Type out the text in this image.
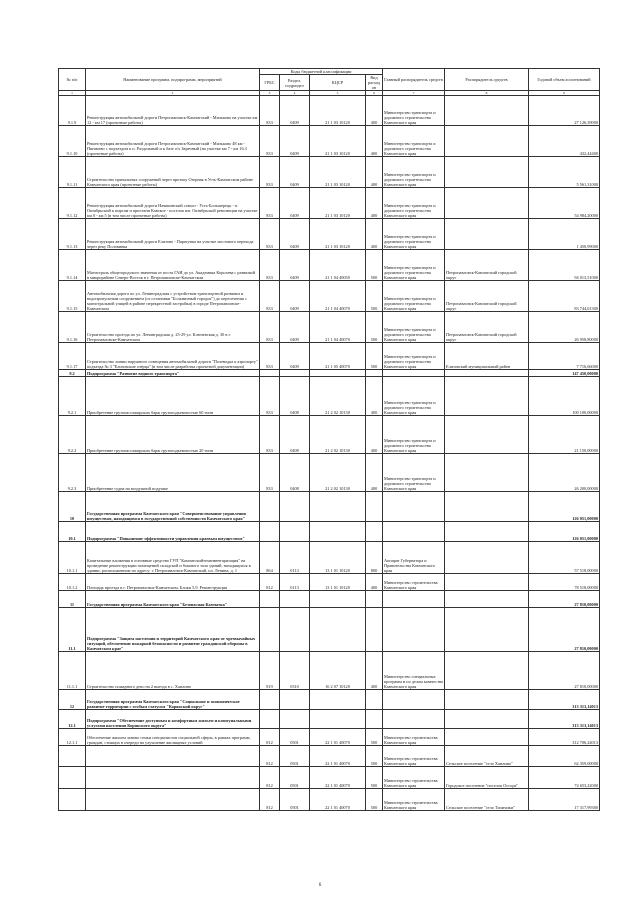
№ п/п	Наименование программ, подпрограмм, мероприятий	Коды бюджетной классификации				Главный распорядитель средств	Распорядитель средств	Годовой объем ассигнований
		ГРБС	Раздел, подраздел	КЦСР	Вид расходов			
1	2	3	4	5	6	7	8	9
9.1.9	Реконструкция автомобильной дороги Петропавловск-Камчатский - Мильково на участке км 12 - км 17 (проектные работы)	833	0409	21 1 03 10120	400	Министерство транспорта и дорожного строительства Камчатского края		27 126,39000
9.1.10	Реконструкция автомобильной дороги Петропавловск-Камчатский - Мильково 48 км - Пиначево с подъездом к п. Раздольный и к базе о/х Заречный (на участке км 7 - км 16.3 (проектные работы)	833	0409	21 1 03 10120	400	Министерство транспорта и дорожного строительства Камчатского края		432,44400
9.1.11	Строительство причальных сооружений через протоку Озерная в Усть-Камчатском районе Камчатского края (проектные работы)	833	0409	21 1 03 10120	400	Министерство транспорта и дорожного строительства Камчатского края		5 561,31000
9.1.12	Реконструкция автомобильной дороги Начикинский совхоз - Усть-Большерецк - п. Октябрьский к пирсам и пристани Кавское - поселок им. Октябрьской революции на участке км 0 - км 5 (в том числе проектные работы)	833	0409	21 1 03 10120	400	Министерство транспорта и дорожного строительства Камчатского края		54 984,20000
9.1.13	Реконструкция автомобильной дороги Елизово - Паратунка на участке мостового перехода через реку Половинка	833	0409	21 1 03 10120	400	Министерство транспорта и дорожного строительства Камчатского края		1 450,99000
9.1.14	Магистраль общегородского значения от поста ГАИ до ул. Академика Королева с развязкой в микрорайоне Северо-Восток в г. Петропавловске-Камчатском	833	0409	21 1 04 40050	500	Министерство транспорта и дорожного строительства Камчатского края	Петропавловск-Камчатский городской округ	94 013,51000
9.1.15	Автомобильная дорога по ул. Ленинградская с устройством транспортной развязки и водопропускным сооружением (от остановки "Больничный городок") до пересечения с магистральной улицей в районе перекрестной застройки) в городе Петропавловске-Камчатском	833	0409	21 1 04 40070	500	Министерство транспорта и дорожного строительства Камчатского края	Петропавловск-Камчатский городской округ	83 744,01300
9.1.16	Строительство проезда по ул. Ленинградская д. 25-29 ул. Ключевская д. 30 в г. Петропавловске-Камчатском	833	0409	21 1 04 40070	500	Министерство транспорта и дорожного строительства Камчатского края	Петропавловск-Камчатский городской округ	26 958,80000
9.1.17	Строительство линии наружного освещения автомобильной дороги "Полеводка к аэропорту" подъезда № 3 "Елизовские озёрца" (в том числе разработка проектной документации)	833	0409	21 1 05 40070	500	Министерство транспорта и дорожного строительства Камчатского края	Елизовский муниципальный район	7 716,66000
9.2	Подпрограмма "Развитие водного транспорта"							147 450,00000
9.2.1	Приобретение грузопассажирских барж грузоподъемностью 60 тонн	833	0408	21 2 02 10130	400	Министерство транспорта и дорожного строительства Камчатского края		100 100,00000
9.2.2	Приобретение грузопассажирских барж грузоподъемностью 20 тонн	833	0408	21 2 02 10130	400	Министерство транспорта и дорожного строительства Камчатского края		21 150,00000
9.2.3	Приобретение судна на воздушной подушке	833	0408	21 2 02 10130	400	Министерство транспорта и дорожного строительства Камчатского края		26 200,00000
10	Государственная программа Камчатского края "Совершенствование управления имуществом, находящимся в государственной собственности Камчатского края"							126 051,00000
10.1	Подпрограмма "Повышение эффективности управления краевым имуществом"							126 051,00000
10.1.1	Капитальные вложения в основные средства ГУП "Камчатскийтехинвентаризация" на проведение реконструкции помещений складской и бокового зала зданий, находящихся в здании, расположенном по адресу: г. Петропавловск-Камчатский, пл. Ленина, д. 1	864	0113	13 1 01 10120	800	Аппарат Губернатора и Правительства Камчатского края		57 518,00000
10.1.2	Площадь проезда в г. Петропавловск-Камчатском. Блоки 5,9. Реконструкция	812	0113	13 1 01 10120	400	Министерство строительства Камчатского края		78 518,00000
11	Государственная программа Камчатского края "Безопасная Камчатка"							27 810,00000
11.1	Подпрограмма "Защита населения и территорий Камчатского края от чрезвычайных ситуаций, обеспечение пожарной безопасности и развитие гражданской обороны в Камчатском крае"							27 810,00000
11.1.1	Строительство пожарного депо на 2 выезда в с. Хаилино	819	0310	16 2 07 10120	400	Министерство специальных программ и по делам казачества Камчатского края		27 810,00000
12	Государственная программа Камчатского края "Социальное и экономическое развитие территории с особым статусом "Корякский округ"							313 313,14013
12.1	Подпрограмма "Обеспечение доступным и комфортным жильем и коммунальными услугами населения Корякского округа"							313 313,14013
12.1.1	Обеспечение жильем заново семьи специалистов социальной сферы, в рамках программ, граждан, стоящих в очереди на улучшение жилищных условий	812	0501	22 1 01 40070	500	Министерство строительства Камчатского края		312 706,24013
		812	0501	22 1 01 40070	500	Министерство строительства Камчатского края	Сельское поселение "село Хаилино"	62 359,00000
		812	0501	22 1 01 40070	500	Министерство строительства Камчатского края	Городское поселение "поселок Оссора"	74 653,22000
		812	0501	22 1 01 40070	500	Министерство строительства Камчатского края	Сельское поселение "село Тиличики"	17 317,99300
6
